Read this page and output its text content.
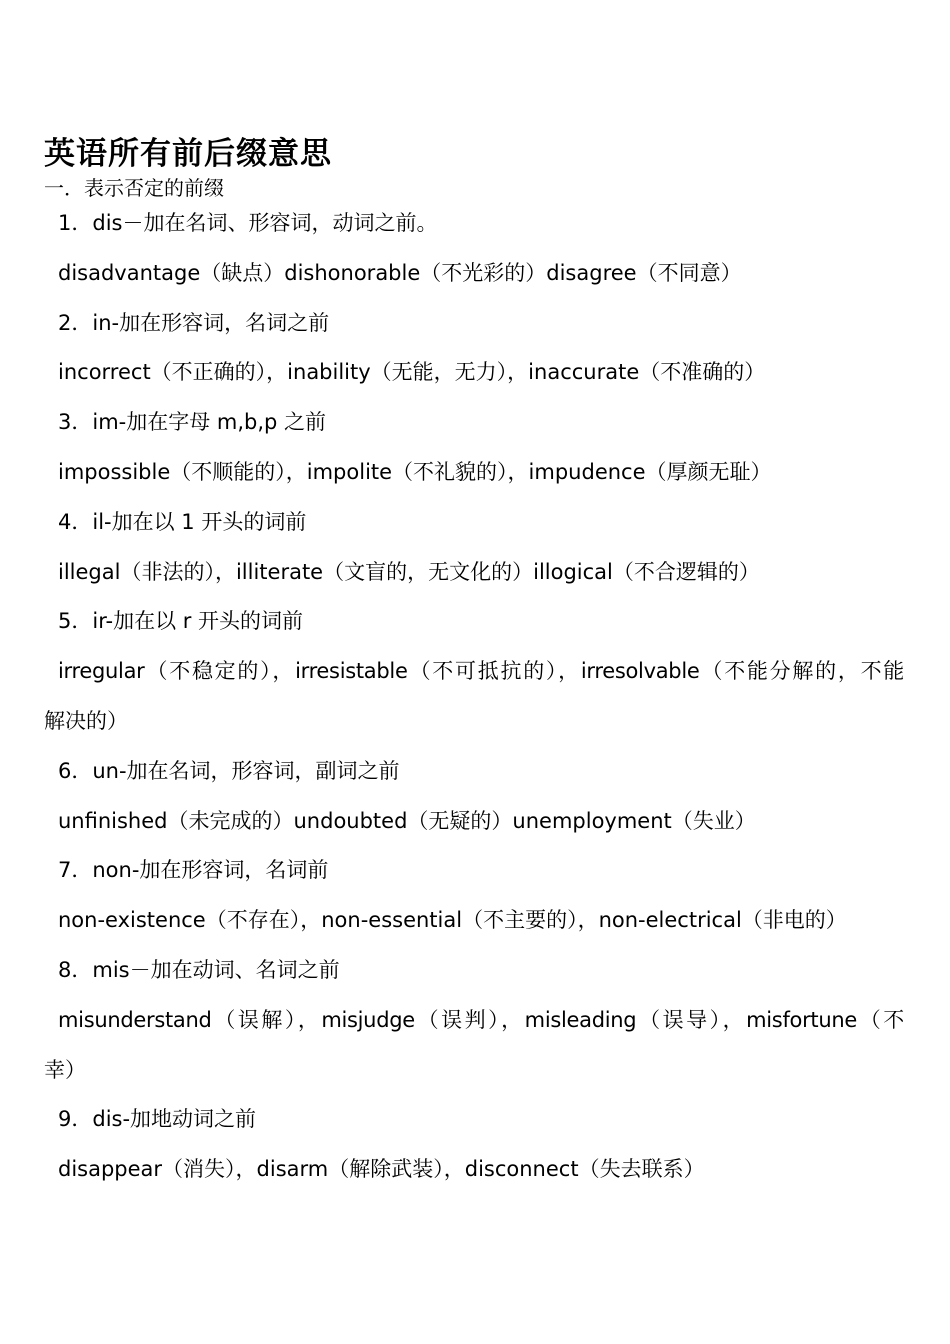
英语所有前后缀意思
一．表示否定的前缀
1．dis－加在名词、形容词，动词之前。
disadvantage（缺点）dishonorable（不光彩的）disagree（不同意）
2．in-加在形容词，名词之前
incorrect（不正确的），inability（无能，无力），inaccurate（不准确的）
3．im-加在字母 m,b,p 之前
impossible（不顺能的），impolite（不礼貌的），impudence（厚颜无耻）
4．il-加在以 1 开头的词前
illegal（非法的），illiterate（文盲的，无文化的）illogical（不合逻辑的）
5．ir-加在以 r 开头的词前
irregular（不稳定的），irresistable（不可抵抗的），irresolvable（不能分解的，不能
解决的）
6．un-加在名词，形容词，副词之前
unfinished（未完成的）undoubted（无疑的）unemployment（失业）
7．non-加在形容词，名词前
non-existence（不存在），non-essential（不主要的），non-electrical（非电的）
8．mis－加在动词、名词之前
misunderstand（误解），misjudge（误判），misleading（误导），misfortune（不
幸）
9．dis-加地动词之前
disappear（消失），disarm（解除武装），disconnect（失去联系）
